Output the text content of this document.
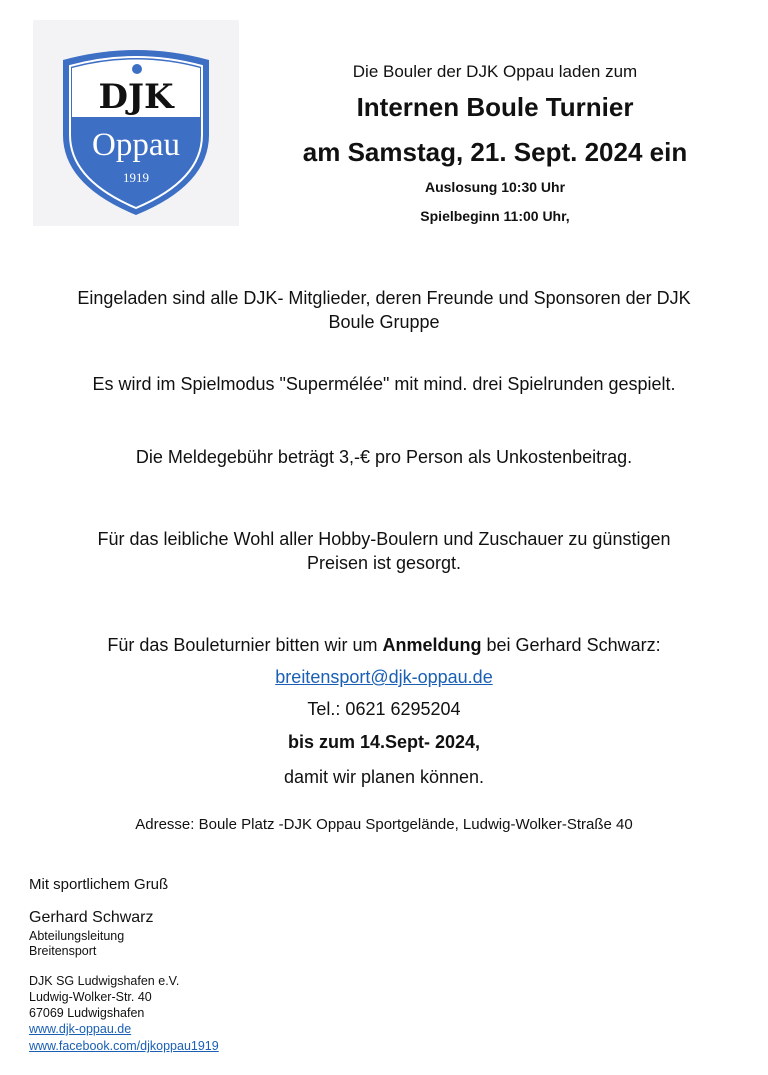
DJK
Oppau
1919
Die Bouler der DJK Oppau laden zum
Internen Boule Turnier
am Samstag, 21. Sept. 2024 ein
Auslosung 10:30 Uhr
Spielbeginn 11:00 Uhr,
Eingeladen sind alle DJK- Mitglieder, deren Freunde und Sponsoren der DJK
Boule Gruppe
Es wird im Spielmodus "Supermélée" mit mind. drei Spielrunden gespielt.
Die Meldegebühr beträgt 3,-€ pro Person als Unkostenbeitrag.
Für das leibliche Wohl aller Hobby-Boulern und Zuschauer zu günstigen
Preisen ist gesorgt.
Für das Bouleturnier bitten wir um Anmeldung bei Gerhard Schwarz:
breitensport@djk-oppau.de
Tel.: 0621 6295204
bis zum 14.Sept- 2024,
damit wir planen können.
Adresse: Boule Platz -DJK Oppau Sportgelände, Ludwig-Wolker-Straße 40
Mit sportlichem Gruß
Gerhard Schwarz
Abteilungsleitung
Breitensport
DJK SG Ludwigshafen e.V.
Ludwig-Wolker-Str. 40
67069 Ludwigshafen
www.djk-oppau.de
www.facebook.com/djkoppau1919
